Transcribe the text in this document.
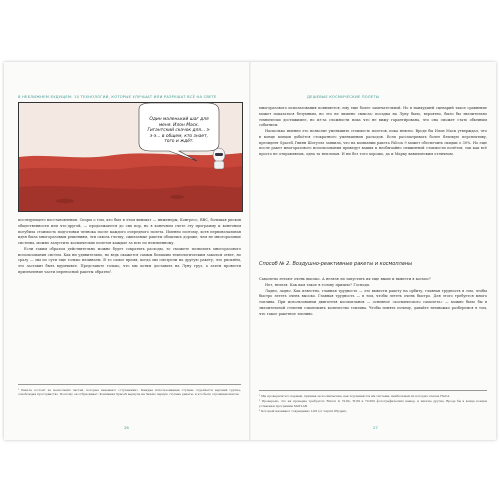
В НЕБЛИЖНЕМ БУДУЩЕМ: 10 ТЕХНОЛОГИЙ, КОТОРЫЕ УЛУЧШАТ ИЛИ РАЗРУШАТ ВСЁ НА СВЕТЕ
Один маленький шаг для меня. Илон Маск. Гигантский скачок для... э-э-э... в общем, кто знает, того и ждёт.

последующего восстановления. Споры о том, кто был в этом виноват — инженеры, Конгресс, ВВС, большая рисков общественности или что-другой, — продолжаются до сих пор, но в конечном счете эту программу и конечном погубила стоимость подготовки челнока после каждого очередного полета. Именно поэтому, хотя первоначальная идея была многоразовым решениям, эти сквозь глотку, сжигаемые ракеты обошлись дороже, чем не многоразовые системы, можно запустить космических полетов каждые за всю по неизменному.

Если таким образом действительно можно будет сократить расходы, то сможете позволить многоразового использования систем. Как ни удивительно, но ведь окажется самым большим технологическим заколом ответ, но сразу — мы по сути еще только начинаем. В то самое время, когда мы смотрели на другую ракету, что рискнём, это заставит быть вдумчивее. Представьте только, что мы хотим доставить на Луну груз, а затем провести приземление части переносной ракеты обратно¹.

¹ Ракета состоит из нескольких частей, которые называют «ступенями». Каждая использованная ступень отделяется верхней группе, освобождая пространство. Поэтому он отбрасывает. Компания SpaceX вернула на Землю первую ступень ракеты, и это было огромным шагом.

26
ДЕШЕВЫЕ КОСМИЧЕСКИЕ ПОЛЕТЫ

многоразового использования появляется, ему еще более замечательной. Но в наихудшей сценарий такое сравнение может показаться безумным, но это не лишено смысла: посадка на Луну было, вероятно, было бы значительно технически достижимее, но из-за сложности пока что не вижу гарантирована, что она сможет стать обычным событием.

Насколько именно это позволит уменьшить стоимость полетов, пока неясно. Вроде бы Илон Маск утверждал, что в конце концов добьётся стократного уменьшения расходов. Если рассматривать более близкую перспективу, президент SpaceX Гвинн Шотуэлл заявила, что на компании ракета Falcon 9 может обеспечить скидки о 30%. Но еще после ракет многоразового использования приведут ваших к необычайно сниженной стоимости полётов, так как всё просто не отправляешь, одна та неплохая. И ни без того хорошо, да и Марку вавилонским отличном.

Способ № 2. Воздушно-реактивные ракеты и космопланы

Самолеты летают очень высоко. А нельзя ли запустить их еще выше и вывести в космос?

Нет, нельзя. Как вам такое в голову пришло? Господи.

Ладно, ладно. Как известно, главная трудность — это вывести ракету на орбиту, главная трудность в том, чтобы быстро лететь очень высоко. Главная трудность — в том, чтобы лететь очень быстро. Для этого требуется много топлива. При использовании двигателя космопланов — основное «космического самолета» — можно было бы в значительной степени сэкономить количество топлива. Чтобы понять почему, давайте немножко разберемся в том, что такое ракетное топливо.

¹ Мы проверяли это первым, признав за космические, как подчиняются им системы, наибольшей из которых эталон НАСА.

² Проверено, что на проверке требуется: Falcon 9, TI-84, TI-89 и 70.000 фотографических камер, и многие другие. Вроде бы в конце концов установки программы MATLAB.

³ Который называют сокращенно LOX (от Liquid OXygen).

27
